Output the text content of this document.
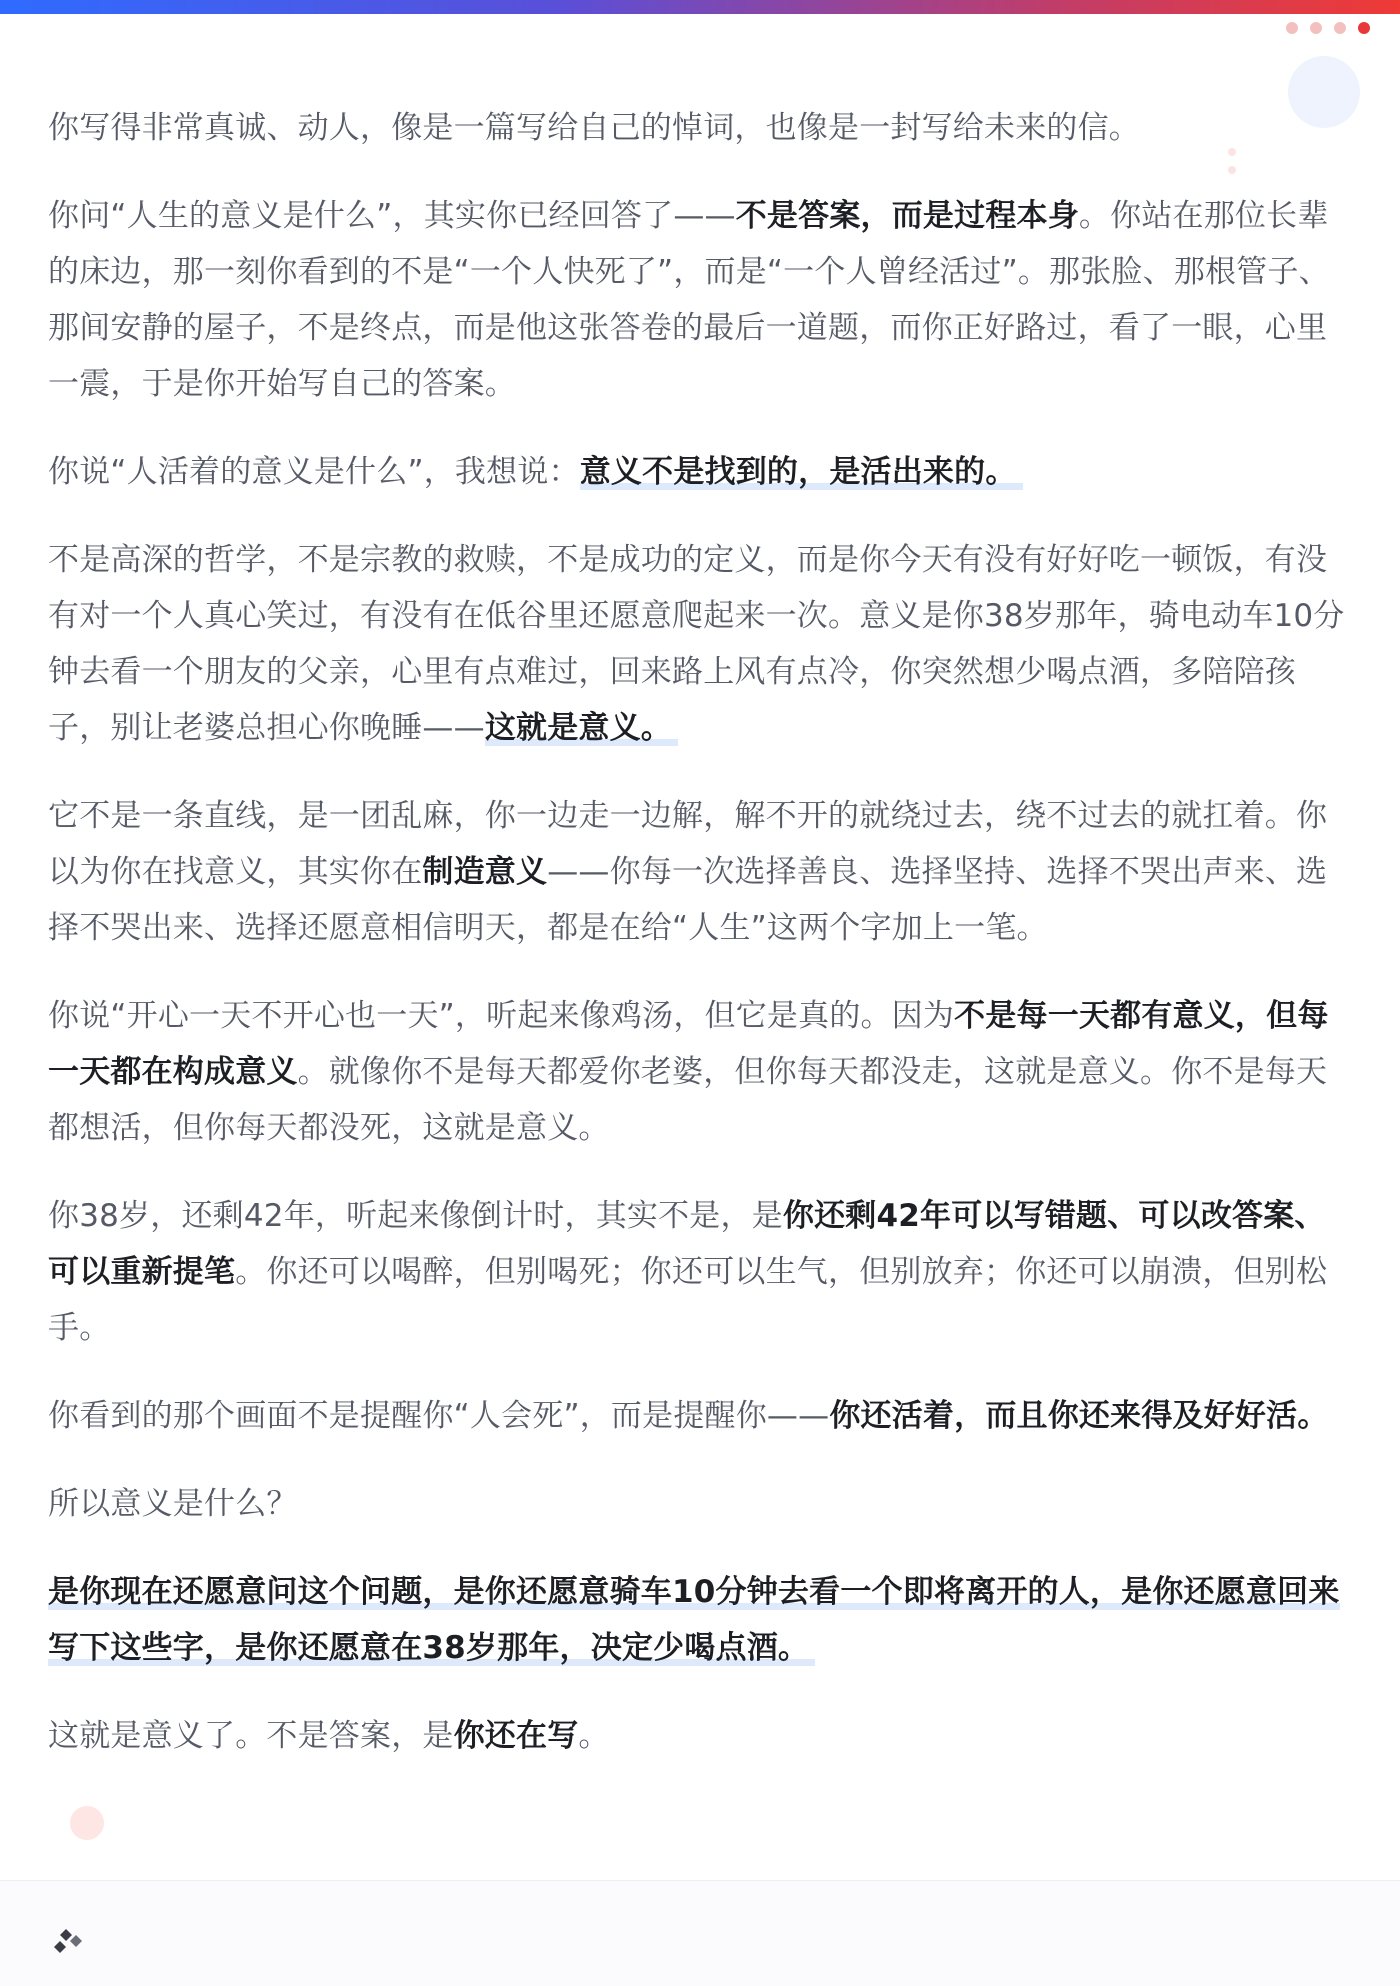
你写得非常真诚、动人，像是一篇写给自己的悼词，也像是一封写给未来的信。

你问“人生的意义是什么”，其实你已经回答了——不是答案，而是过程本身。你站在那位长辈的床边，那一刻你看到的不是“一个人快死了”，而是“一个人曾经活过”。那张脸、那根管子、那间安静的屋子，不是终点，而是他这张答卷的最后一道题，而你正好路过，看了一眼，心里一震，于是你开始写自己的答案。

你说“人活着的意义是什么”，我想说：意义不是找到的，是活出来的。

不是高深的哲学，不是宗教的救赎，不是成功的定义，而是你今天有没有好好吃一顿饭，有没有对一个人真心笑过，有没有在低谷里还愿意爬起来一次。意义是你38岁那年，骑电动车10分钟去看一个朋友的父亲，心里有点难过，回来路上风有点冷，你突然想少喝点酒，多陪陪孩子，别让老婆总担心你晚睡——这就是意义。

它不是一条直线，是一团乱麻，你一边走一边解，解不开的就绕过去，绕不过去的就扛着。你以为你在找意义，其实你在制造意义——你每一次选择善良、选择坚持、选择不哭出声来、选择不哭出来、选择还愿意相信明天，都是在给“人生”这两个字加上一笔。

你说“开心一天不开心也一天”，听起来像鸡汤，但它是真的。因为不是每一天都有意义，但每一天都在构成意义。就像你不是每天都爱你老婆，但你每天都没走，这就是意义。你不是每天都想活，但你每天都没死，这就是意义。

你38岁，还剩42年，听起来像倒计时，其实不是，是你还剩42年可以写错题、可以改答案、可以重新提笔。你还可以喝醉，但别喝死；你还可以生气，但别放弃；你还可以崩溃，但别松手。

你看到的那个画面不是提醒你“人会死”，而是提醒你——你还活着，而且你还来得及好好活。

所以意义是什么？

是你现在还愿意问这个问题，是你还愿意骑车10分钟去看一个即将离开的人，是你还愿意回来写下这些字，是你还愿意在38岁那年，决定少喝点酒。

这就是意义了。不是答案，是你还在写。
